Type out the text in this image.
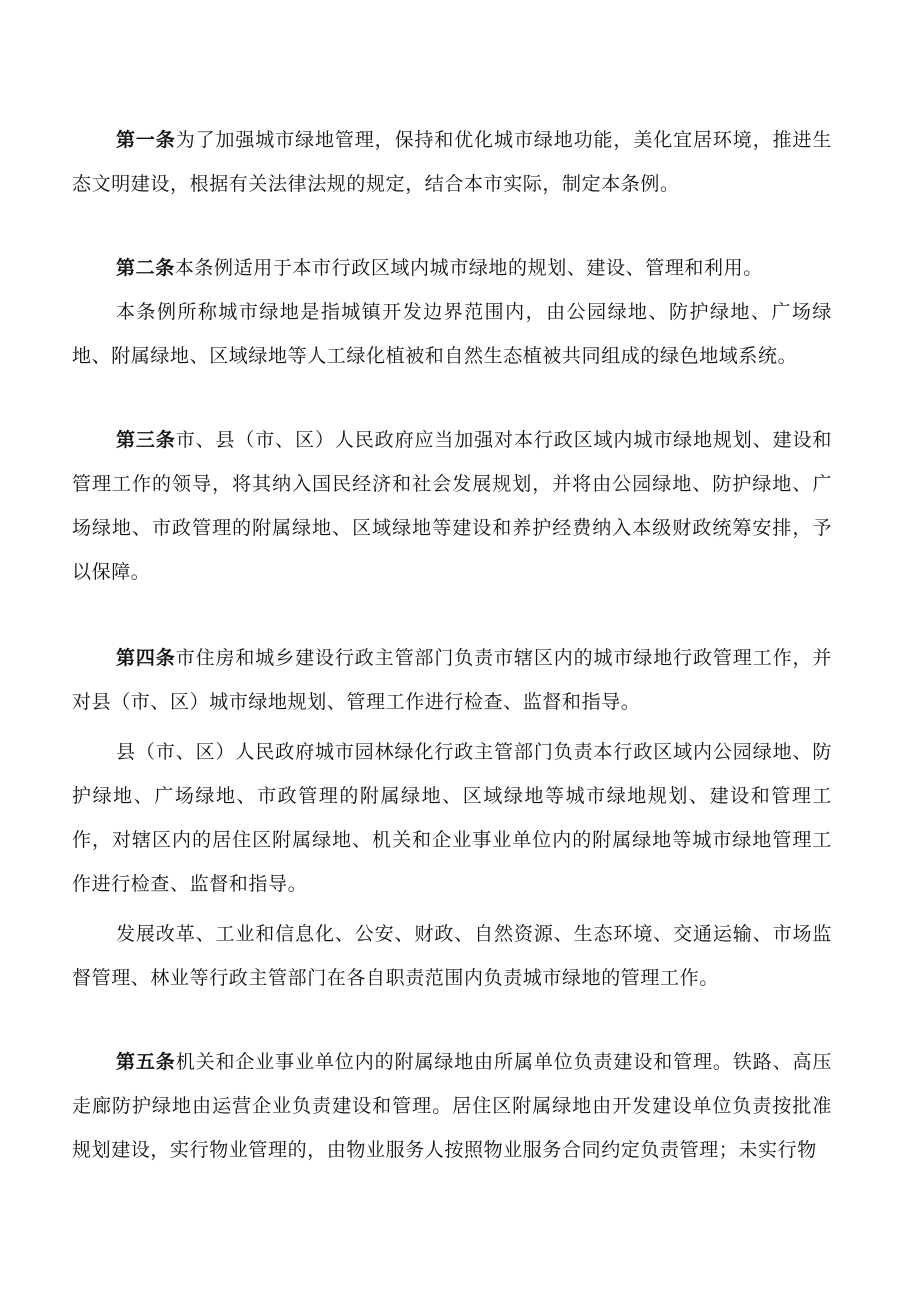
第一条为了加强城市绿地管理，保持和优化城市绿地功能，美化宜居环境，推进生态文明建设，根据有关法律法规的规定，结合本市实际，制定本条例。

第二条本条例适用于本市行政区域内城市绿地的规划、建设、管理和利用。

本条例所称城市绿地是指城镇开发边界范围内，由公园绿地、防护绿地、广场绿地、附属绿地、区域绿地等人工绿化植被和自然生态植被共同组成的绿色地域系统。

第三条市、县（市、区）人民政府应当加强对本行政区域内城市绿地规划、建设和管理工作的领导，将其纳入国民经济和社会发展规划，并将由公园绿地、防护绿地、广场绿地、市政管理的附属绿地、区域绿地等建设和养护经费纳入本级财政统筹安排，予以保障。

第四条市住房和城乡建设行政主管部门负责市辖区内的城市绿地行政管理工作，并对县（市、区）城市绿地规划、管理工作进行检查、监督和指导。

县（市、区）人民政府城市园林绿化行政主管部门负责本行政区域内公园绿地、防护绿地、广场绿地、市政管理的附属绿地、区域绿地等城市绿地规划、建设和管理工作，对辖区内的居住区附属绿地、机关和企业事业单位内的附属绿地等城市绿地管理工作进行检查、监督和指导。

发展改革、工业和信息化、公安、财政、自然资源、生态环境、交通运输、市场监督管理、林业等行政主管部门在各自职责范围内负责城市绿地的管理工作。

第五条机关和企业事业单位内的附属绿地由所属单位负责建设和管理。铁路、高压走廊防护绿地由运营企业负责建设和管理。居住区附属绿地由开发建设单位负责按批准规划建设，实行物业管理的，由物业服务人按照物业服务合同约定负责管理；未实行物
